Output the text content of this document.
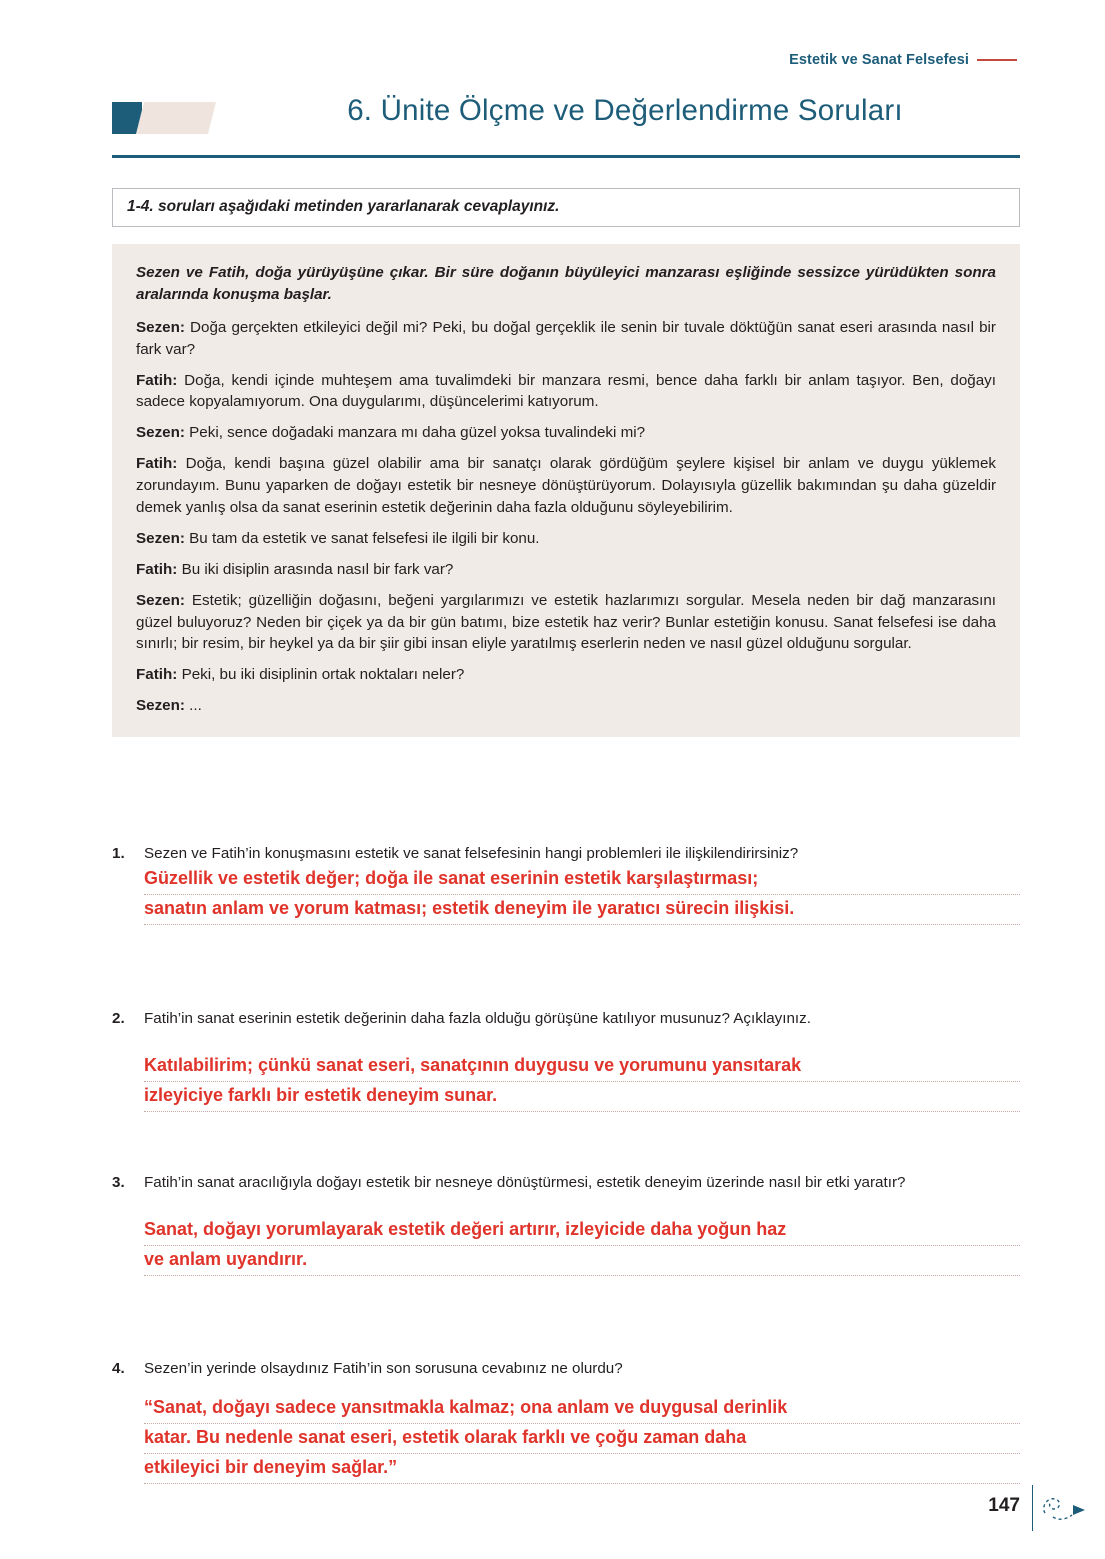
Estetik ve Sanat Felsefesi
6. Ünite Ölçme ve Değerlendirme Soruları
1-4. soruları aşağıdaki metinden yararlanarak cevaplayınız.

Sezen ve Fatih, doğa yürüyüşüne çıkar. Bir süre doğanın büyüleyici manzarası eşliğinde sessizce yürüdükten sonra aralarında konuşma başlar.

Sezen: Doğa gerçekten etkileyici değil mi? Peki, bu doğal gerçeklik ile senin bir tuvale döktüğün sanat eseri arasında nasıl bir fark var?

Fatih: Doğa, kendi içinde muhteşem ama tuvalimdeki bir manzara resmi, bence daha farklı bir anlam taşıyor. Ben, doğayı sadece kopyalamıyorum. Ona duygularımı, düşüncelerimi katıyorum.

Sezen: Peki, sence doğadaki manzara mı daha güzel yoksa tuvalindeki mi?

Fatih: Doğa, kendi başına güzel olabilir ama bir sanatçı olarak gördüğüm şeylere kişisel bir anlam ve duygu yüklemek zorundayım. Bunu yaparken de doğayı estetik bir nesneye dönüştürüyorum. Dolayısıyla güzellik bakımından şu daha güzeldir demek yanlış olsa da sanat eserinin estetik değerinin daha fazla olduğunu söyleyebilirim.

Sezen: Bu tam da estetik ve sanat felsefesi ile ilgili bir konu.

Fatih: Bu iki disiplin arasında nasıl bir fark var?

Sezen: Estetik; güzelliğin doğasını, beğeni yargılarımızı ve estetik hazlarımızı sorgular. Mesela neden bir dağ manzarasını güzel buluyoruz? Neden bir çiçek ya da bir gün batımı, bize estetik haz verir? Bunlar estetiğin konusu. Sanat felsefesi ise daha sınırlı; bir resim, bir heykel ya da bir şiir gibi insan eliyle yaratılmış eserlerin neden ve nasıl güzel olduğunu sorgular.

Fatih: Peki, bu iki disiplinin ortak noktaları neler?

Sezen: ...

1.	Sezen ve Fatih’in konuşmasını estetik ve sanat felsefesinin hangi problemleri ile ilişkilendirirsiniz?
Güzellik ve estetik değer; doğa ile sanat eserinin estetik karşılaştırması;
sanatın anlam ve yorum katması; estetik deneyim ile yaratıcı sürecin ilişkisi.
2.	Fatih’in sanat eserinin estetik değerinin daha fazla olduğu görüşüne katılıyor musunuz? Açıklayınız.
Katılabilirim; çünkü sanat eseri, sanatçının duygusu ve yorumunu yansıtarak
izleyiciye farklı bir estetik deneyim sunar.
3.	Fatih’in sanat aracılığıyla doğayı estetik bir nesneye dönüştürmesi, estetik deneyim üzerinde nasıl bir etki yaratır?
Sanat, doğayı yorumlayarak estetik değeri artırır, izleyicide daha yoğun haz
ve anlam uyandırır.
4.	Sezen’in yerinde olsaydınız Fatih’in son sorusuna cevabınız ne olurdu?
“Sanat, doğayı sadece yansıtmakla kalmaz; ona anlam ve duygusal derinlik
katar. Bu nedenle sanat eseri, estetik olarak farklı ve çoğu zaman daha
etkileyici bir deneyim sağlar.”
147
